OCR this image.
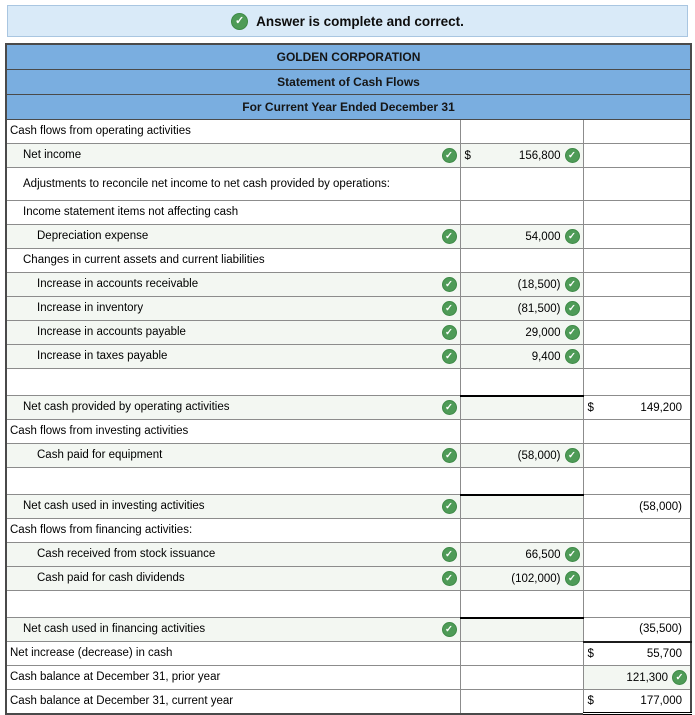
✓ Answer is complete and correct.
GOLDEN CORPORATION		
Statement of Cash Flows		
For Current Year Ended December 31		

Cash flows from operating activities		

Net income ✓	$ 156,800 ✓	

Adjustments to reconcile net income to net cash provided by operations:		

Income statement items not affecting cash		

Depreciation expense ✓	54,000 ✓	

Changes in current assets and current liabilities		

Increase in accounts receivable ✓	(18,500) ✓	

Increase in inventory ✓	(81,500) ✓	

Increase in accounts payable ✓	29,000 ✓	

Increase in taxes payable ✓	9,400 ✓	

Net cash provided by operating activities ✓		$ 149,200

Cash flows from investing activities		

Cash paid for equipment ✓	(58,000) ✓	

Net cash used in investing activities ✓		(58,000)

Cash flows from financing activities:		

Cash received from stock issuance ✓	66,500 ✓	

Cash paid for cash dividends ✓	(102,000) ✓	

Net cash used in financing activities ✓		(35,500)

Net increase (decrease) in cash		$ 55,700

Cash balance at December 31, prior year		121,300 ✓

Cash balance at December 31, current year		$ 177,000
